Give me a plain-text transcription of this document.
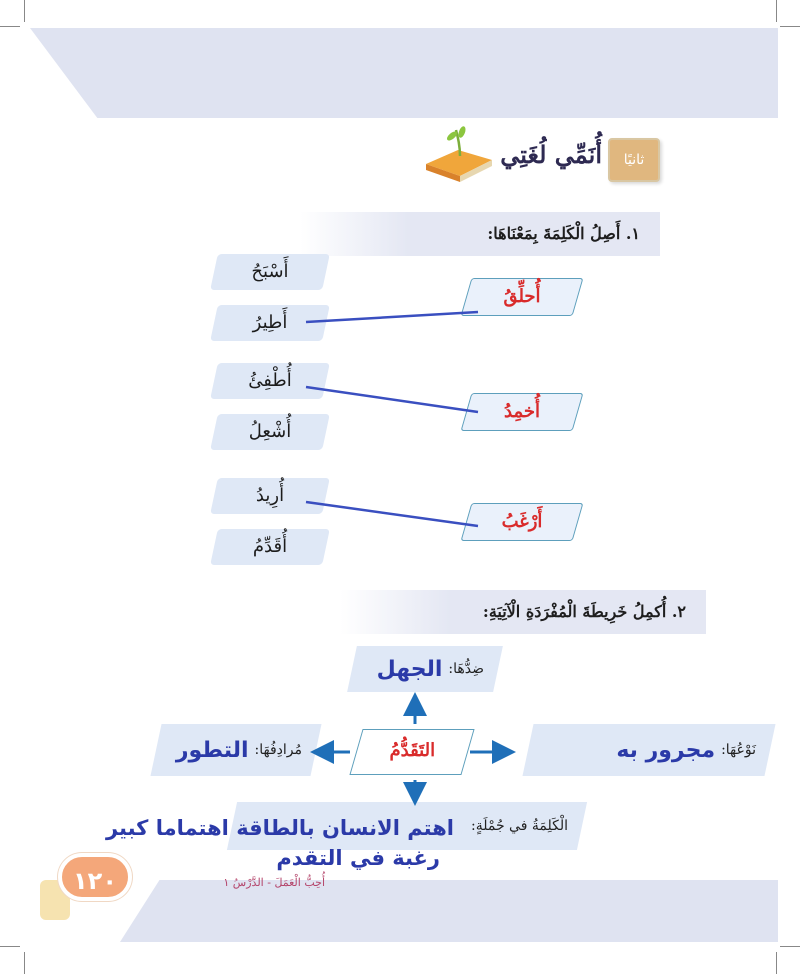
ثانيًا
أُنَمِّي لُغَتِي
١. أَصِلُ الْكَلِمَةَ بِمَعْنَاهَا:
أَسْبَحُ
أَطِيرُ
أُطْفِئُ
أُشْعِلُ
أُرِيدُ
أُقَدِّمُ
أُحلِّقُ
أُخمِدُ
أَرْغَبُ
٢. أُكمِلُ خَرِيطَةَ الْمُفْرَدَةِ الْآتِيَةِ:
ضِدُّهَا:
الجهل
مُرادِفُهَا:
التطور	التَقَدُّمُ	نَوْعُهَا:
مجرور به
الْكَلِمَةُ في جُمْلَةٍ:
اهتم الانسان بالطاقة اهتماما كبير
رغبة في التقدم
١٢٠	أُحِبُّ الْعَمَلَ - الدَّرْسُ ١
